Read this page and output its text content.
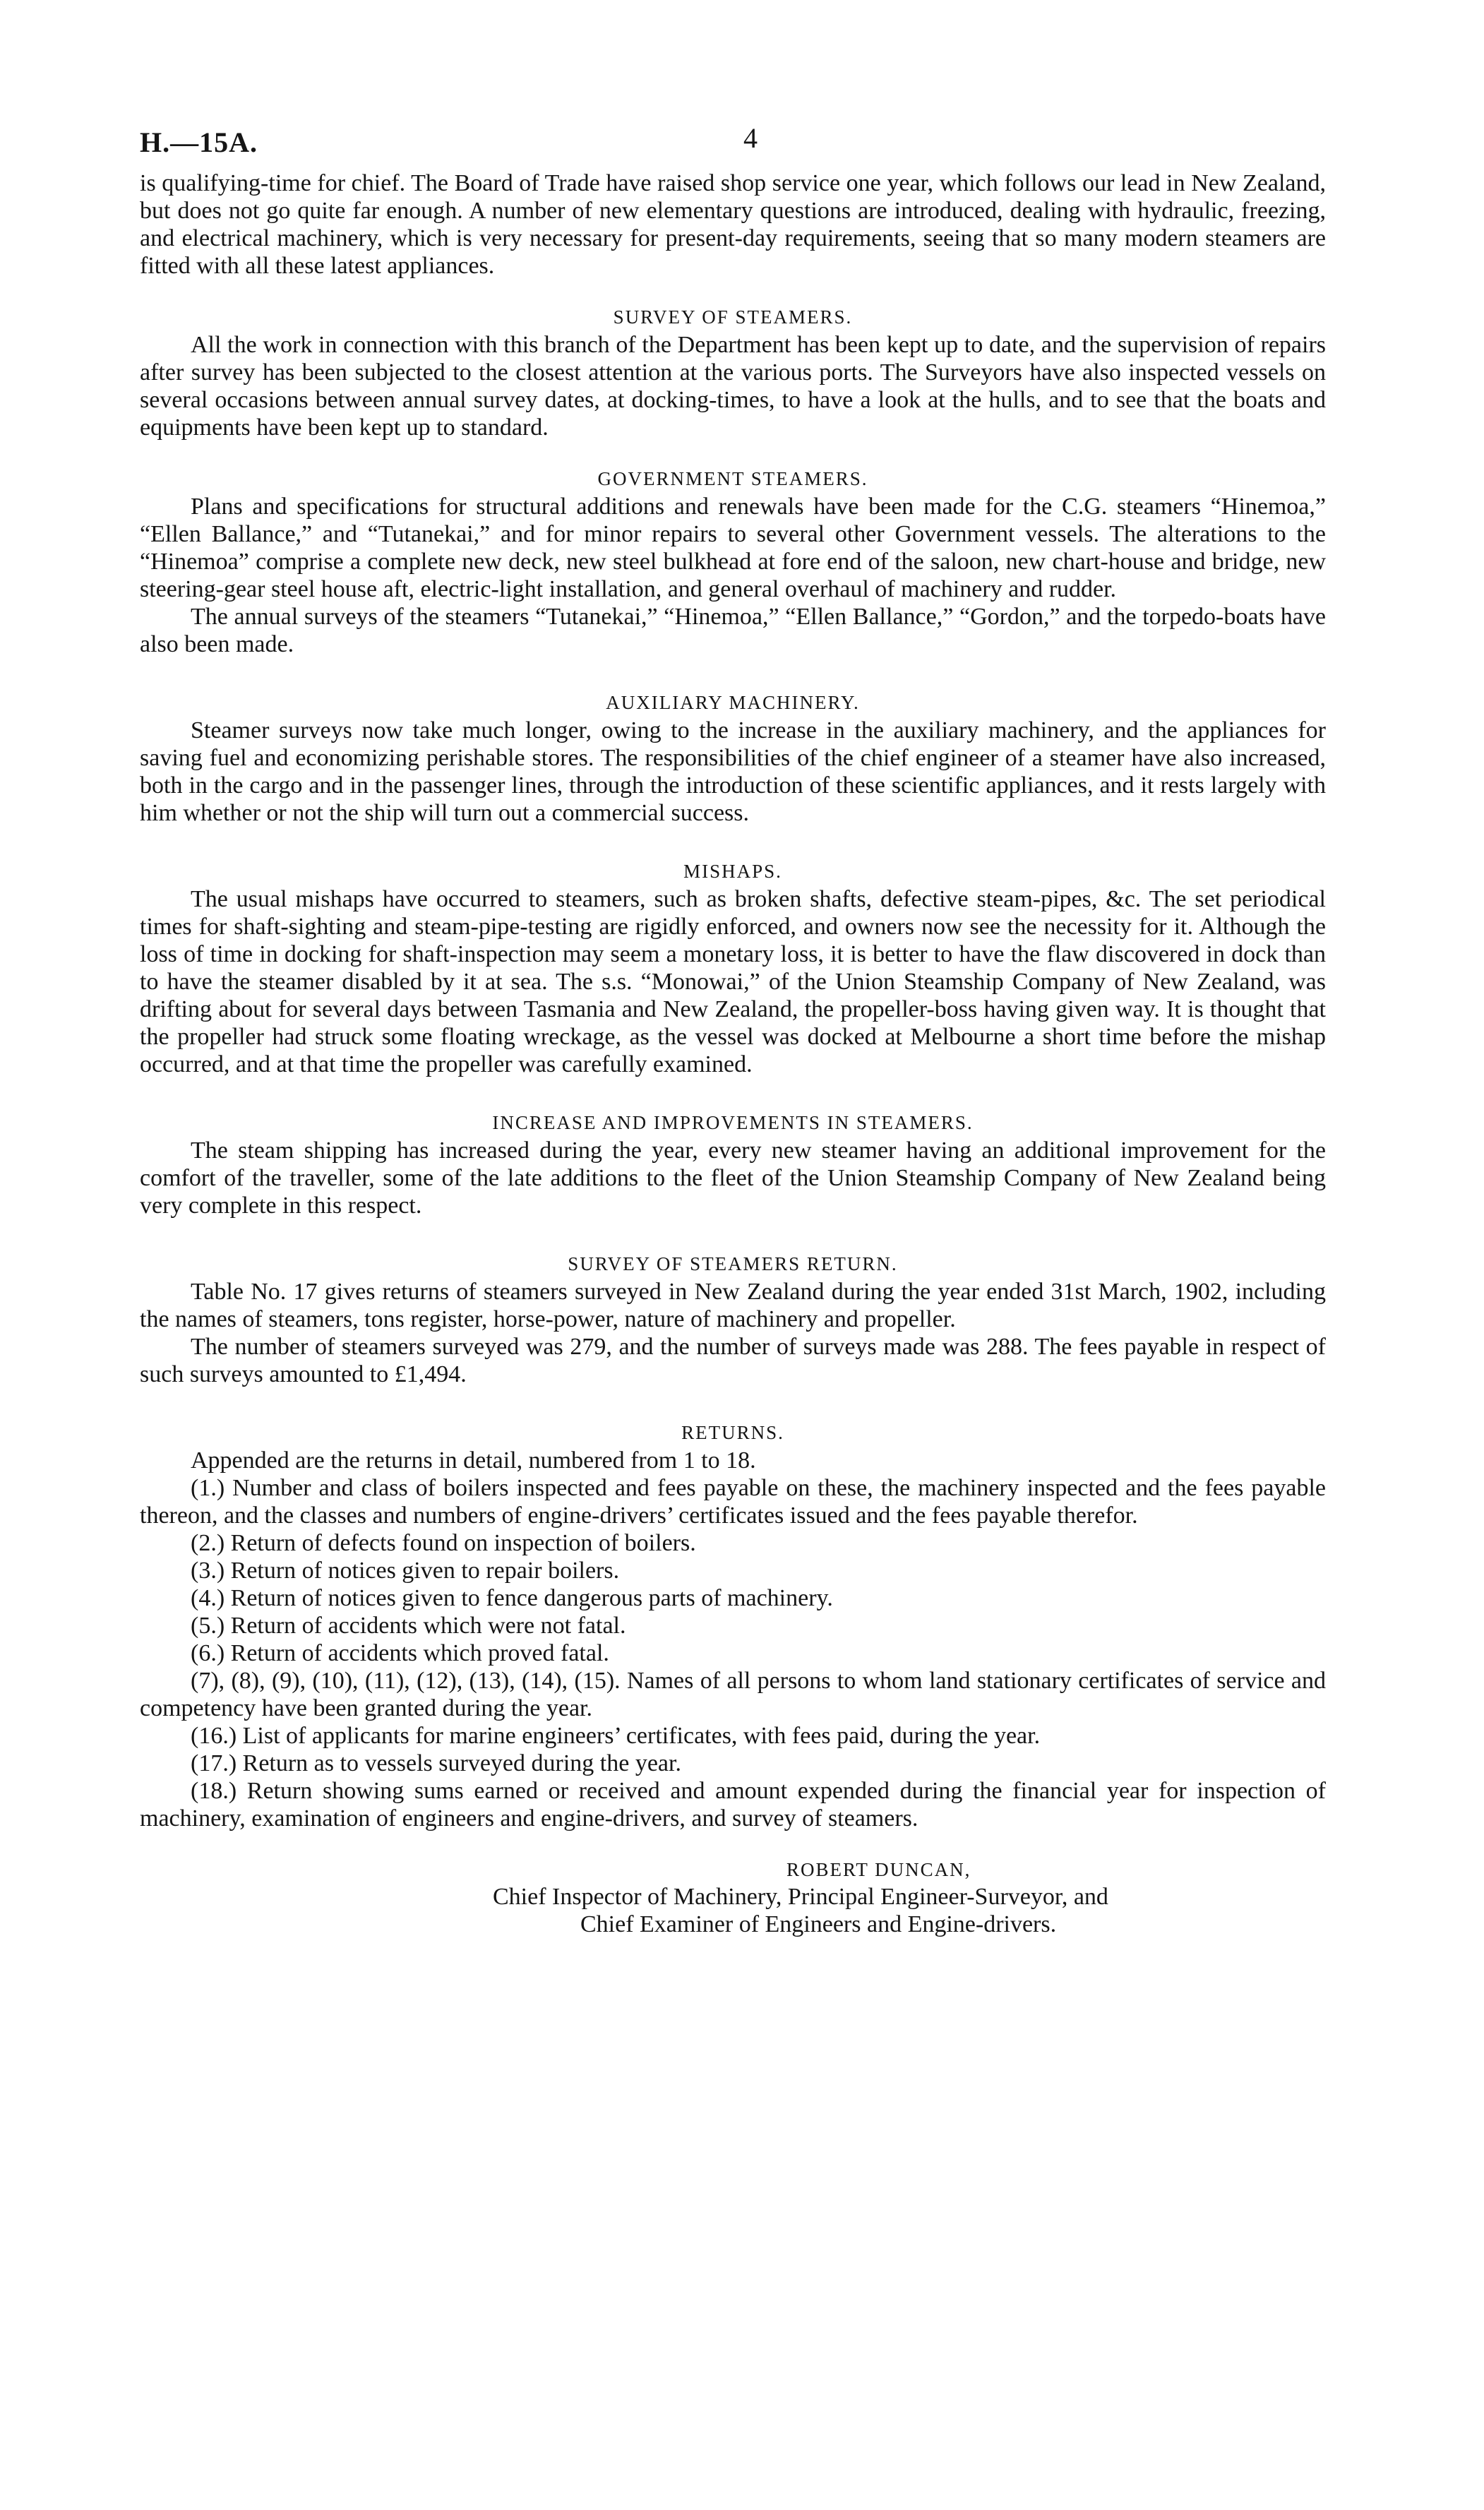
H.—15A.	4

is qualifying-time for chief. The Board of Trade have raised shop service one year, which follows our lead in New Zealand, but does not go quite far enough. A number of new elementary questions are introduced, dealing with hydraulic, freezing, and electrical machinery, which is very necessary for present-day requirements, seeing that so many modern steamers are fitted with all these latest appliances.

SURVEY OF STEAMERS.

All the work in connection with this branch of the Department has been kept up to date, and the supervision of repairs after survey has been subjected to the closest attention at the various ports. The Surveyors have also inspected vessels on several occasions between annual survey dates, at docking-times, to have a look at the hulls, and to see that the boats and equipments have been kept up to standard.

GOVERNMENT STEAMERS.

Plans and specifications for structural additions and renewals have been made for the C.G. steamers “Hinemoa,” “Ellen Ballance,” and “Tutanekai,” and for minor repairs to several other Government vessels. The alterations to the “Hinemoa” comprise a complete new deck, new steel bulkhead at fore end of the saloon, new chart-house and bridge, new steering-gear steel house aft, electric-light installation, and general overhaul of machinery and rudder.

The annual surveys of the steamers “Tutanekai,” “Hinemoa,” “Ellen Ballance,” “Gordon,” and the torpedo-boats have also been made.

AUXILIARY MACHINERY.

Steamer surveys now take much longer, owing to the increase in the auxiliary machinery, and the appliances for saving fuel and economizing perishable stores. The responsibilities of the chief engineer of a steamer have also increased, both in the cargo and in the passenger lines, through the introduction of these scientific appliances, and it rests largely with him whether or not the ship will turn out a commercial success.

MISHAPS.

The usual mishaps have occurred to steamers, such as broken shafts, defective steam-pipes, &c. The set periodical times for shaft-sighting and steam-pipe-testing are rigidly enforced, and owners now see the necessity for it. Although the loss of time in docking for shaft-inspection may seem a monetary loss, it is better to have the flaw discovered in dock than to have the steamer disabled by it at sea. The s.s. “Monowai,” of the Union Steamship Company of New Zealand, was drifting about for several days between Tasmania and New Zealand, the propeller-boss having given way. It is thought that the propeller had struck some floating wreckage, as the vessel was docked at Melbourne a short time before the mishap occurred, and at that time the propeller was carefully examined.

INCREASE AND IMPROVEMENTS IN STEAMERS.

The steam shipping has increased during the year, every new steamer having an additional improvement for the comfort of the traveller, some of the late additions to the fleet of the Union Steamship Company of New Zealand being very complete in this respect.

SURVEY OF STEAMERS RETURN.

Table No. 17 gives returns of steamers surveyed in New Zealand during the year ended 31st March, 1902, including the names of steamers, tons register, horse-power, nature of machinery and propeller.

The number of steamers surveyed was 279, and the number of surveys made was 288. The fees payable in respect of such surveys amounted to £1,494.

RETURNS.

Appended are the returns in detail, numbered from 1 to 18.

(1.) Number and class of boilers inspected and fees payable on these, the machinery inspected and the fees payable thereon, and the classes and numbers of engine-drivers’ certificates issued and the fees payable therefor.

(2.) Return of defects found on inspection of boilers.

(3.) Return of notices given to repair boilers.

(4.) Return of notices given to fence dangerous parts of machinery.

(5.) Return of accidents which were not fatal.

(6.) Return of accidents which proved fatal.

(7), (8), (9), (10), (11), (12), (13), (14), (15). Names of all persons to whom land stationary certificates of service and competency have been granted during the year.

(16.) List of applicants for marine engineers’ certificates, with fees paid, during the year.

(17.) Return as to vessels surveyed during the year.

(18.) Return showing sums earned or received and amount expended during the financial year for inspection of machinery, examination of engineers and engine-drivers, and survey of steamers.

ROBERT DUNCAN,
Chief Inspector of Machinery, Principal Engineer-Surveyor, and
Chief Examiner of Engineers and Engine-drivers.
